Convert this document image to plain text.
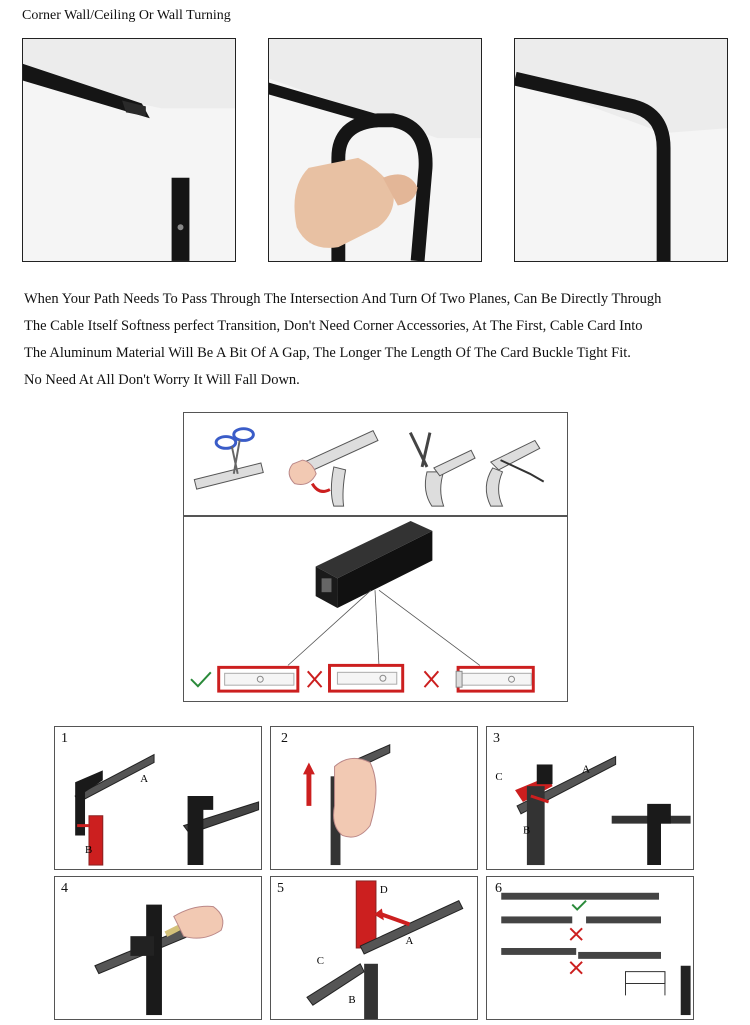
Corner Wall/Ceiling Or Wall Turning
When Your Path Needs To Pass Through The Intersection And Turn Of Two Planes, Can Be Directly Through
The Cable Itself Softness perfect Transition, Don't Need Corner Accessories, At The First, Cable Card Into
The Aluminum Material Will Be A Bit Of A Gap, The Longer The Length Of The Card Buckle Tight Fit.
No Need At All Don't Worry It Will Fall Down.
1
A
B
2	3
A
B
C
4	5	D
A
B
C
6
